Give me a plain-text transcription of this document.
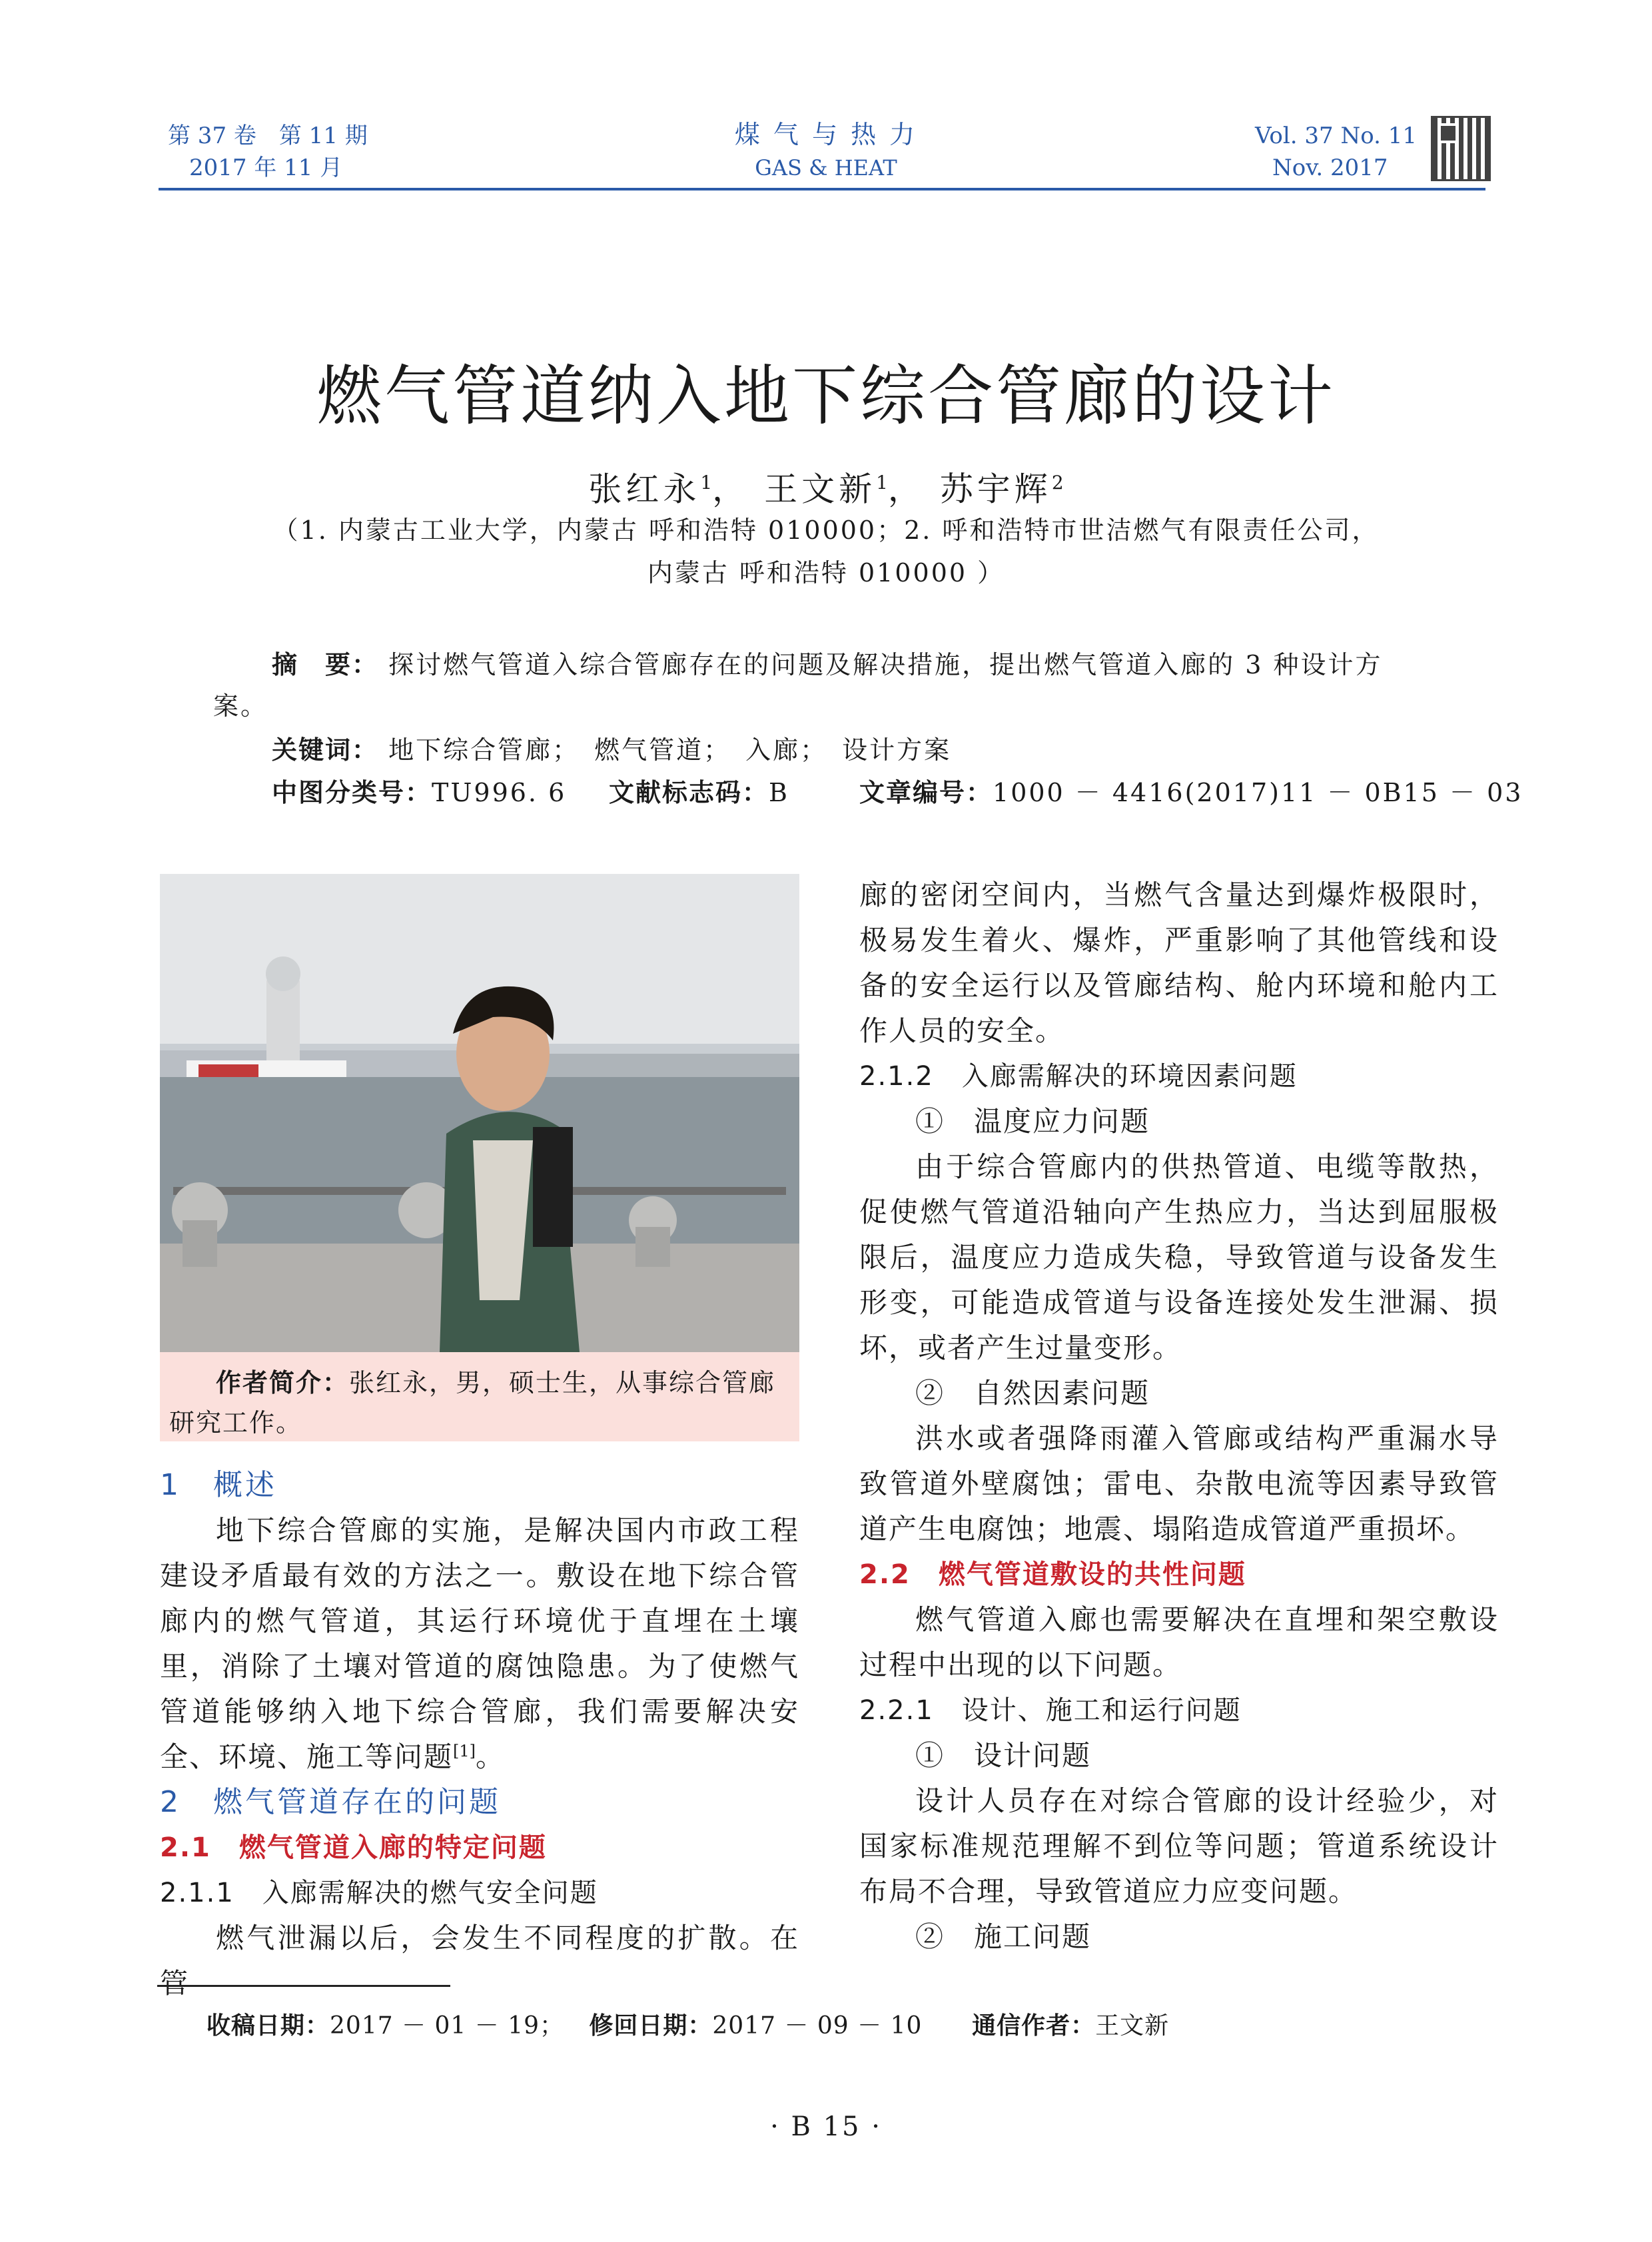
第 37 卷　第 11 期
2017 年 11 月
煤 气 与 热 力
GAS & HEAT
Vol. 37 No. 11
Nov. 2017
燃气管道纳入地下综合管廊的设计
张红永$^1$， 王文新$^1$， 苏宇辉$^2$
（1. 内蒙古工业大学，内蒙古 呼和浩特 010000；2. 呼和浩特市世洁燃气有限责任公司，
内蒙古 呼和浩特 010000 ）
摘　要： 探讨燃气管道入综合管廊存在的问题及解决措施，提出燃气管道入廊的 3 种设计方
案。
关键词： 地下综合管廊；　燃气管道；　入廊；　设计方案
中图分类号：TU996. 6 文献标志码：B	文章编号：1000 － 4416(2017)11 － 0B15 － 03
作者简介：张红永，男，硕士生，从事综合管廊研究工作。
1　概述

地下综合管廊的实施，是解决国内市政工程建设矛盾最有效的方法之一。敷设在地下综合管廊内的燃气管道，其运行环境优于直埋在土壤里，消除了土壤对管道的腐蚀隐患。为了使燃气管道能够纳入地下综合管廊，我们需要解决安全、环境、施工等问题[1]。

2　燃气管道存在的问题
2.1　燃气管道入廊的特定问题
2.1.1　入廊需解决的燃气安全问题

燃气泄漏以后，会发生不同程度的扩散。在管

廊的密闭空间内，当燃气含量达到爆炸极限时，极易发生着火、爆炸，严重影响了其他管线和设备的安全运行以及管廊结构、舱内环境和舱内工作人员的安全。

2.1.2　入廊需解决的环境因素问题
①　温度应力问题

由于综合管廊内的供热管道、电缆等散热，促使燃气管道沿轴向产生热应力，当达到屈服极限后，温度应力造成失稳，导致管道与设备发生形变，可能造成管道与设备连接处发生泄漏、损坏，或者产生过量变形。

②　自然因素问题

洪水或者强降雨灌入管廊或结构严重漏水导致管道外壁腐蚀；雷电、杂散电流等因素导致管道产生电腐蚀；地震、塌陷造成管道严重损坏。

2.2　燃气管道敷设的共性问题

燃气管道入廊也需要解决在直埋和架空敷设过程中出现的以下问题。

2.2.1　设计、施工和运行问题
①　设计问题

设计人员存在对综合管廊的设计经验少，对国家标准规范理解不到位等问题；管道系统设计布局不合理，导致管道应力应变问题。

②　施工问题
收稿日期：2017 － 01 － 19； 修回日期：2017 － 09 － 10 通信作者：王文新
· B 15 ·
